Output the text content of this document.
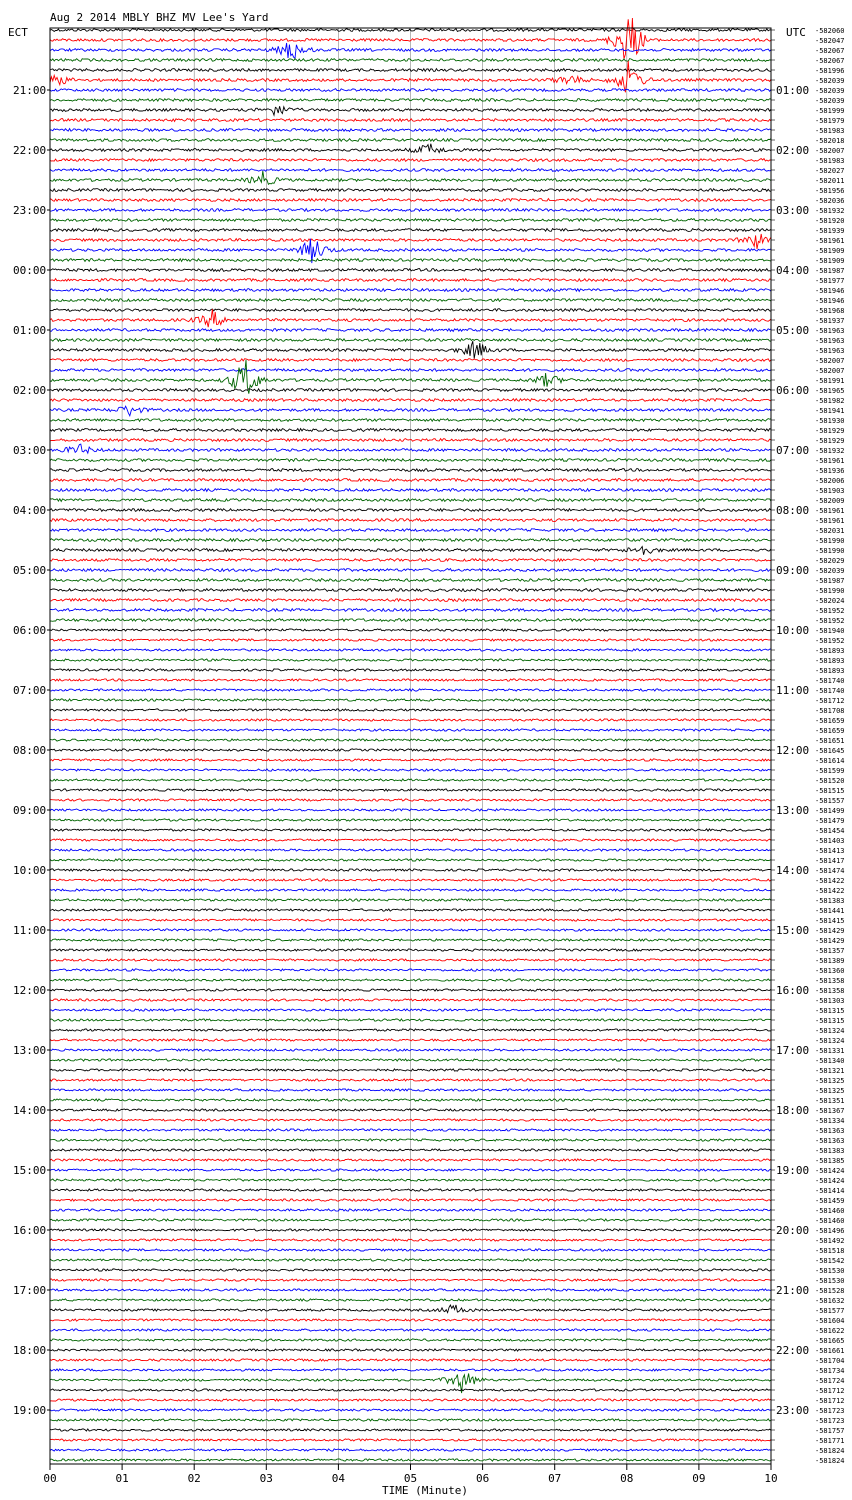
Aug 2 2014 MBLY BHZ MV Lee's Yard
ECT	UTC
21:00
22:00
23:00
00:00
01:00
02:00
03:00
04:00
05:00
06:00
07:00
08:00
09:00
10:00
11:00
12:00
13:00
14:00
15:00
16:00
17:00
18:00
19:00
01:00
02:00
03:00
04:00
05:00
06:00
07:00
08:00
09:00
10:00
11:00
12:00
13:00
14:00
15:00
16:00
17:00
18:00
19:00
20:00
21:00
22:00
23:00
-582060
-582047
-582067
-582067
-581996
-582039
-582039
-582039
-581999
-581979
-581983
-582018
-582007
-581983
-582027
-582011
-581956
-582036
-581932
-581920
-581939
-581961
-581909
-581909
-581987
-581977
-581946
-581946
-581968
-581937
-581963
-581963
-581963
-582007
-582007
-581991
-581965
-581982
-581941
-581930
-581929
-581929
-581932
-581961
-581936
-582006
-581903
-582009
-581961
-581961
-582031
-581990
-581990
-582029
-582039
-581987
-581990
-582024
-581952
-581952
-581940
-581952
-581893
-581893
-581893
-581740
-581740
-581712
-581708
-581659
-581659
-581651
-581645
-581614
-581599
-581520
-581515
-581557
-581499
-581479
-581454
-581403
-581413
-581417
-581474
-581422
-581422
-581383
-581441
-581415
-581429
-581429
-581357
-581389
-581360
-581358
-581358
-581303
-581315
-581315
-581324
-581324
-581331
-581340
-581321
-581325
-581325
-581351
-581367
-581334
-581363
-581363
-581383
-581385
-581424
-581424
-581414
-581459
-581460
-581460
-581496
-581492
-581518
-581542
-581530
-581530
-581528
-581632
-581577
-581604
-581622
-581665
-581661
-581704
-581734
-581724
-581712
-581712
-581723
-581723
-581757
-581771
-581824
-581824
00	01	02	03	04	05	06	07	08	09	10
TIME (Minute)
